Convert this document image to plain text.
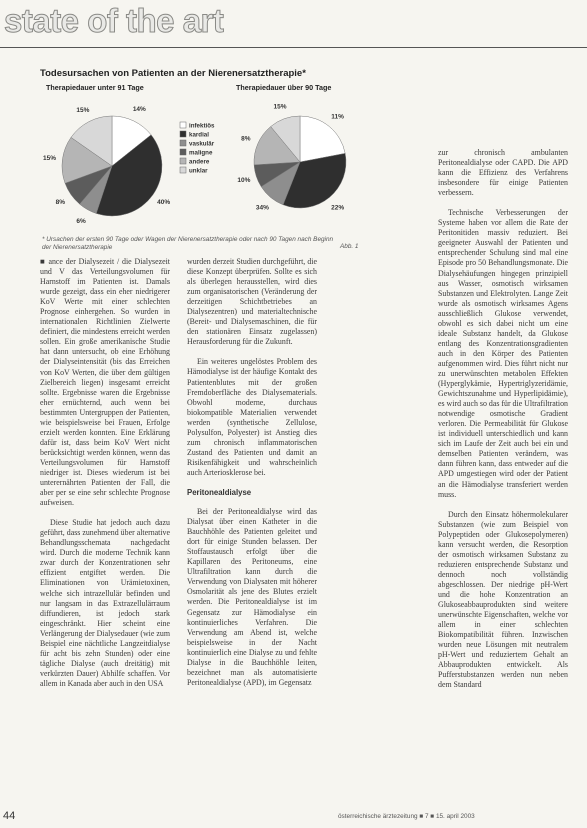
state of the art
Todesursachen von Patienten an der Nierenersatztherapie*
Therapiedauer unter 91 Tage
14%
40%
6%
8%
15%
15%
Therapiedauer über 90 Tage
11%
22%
34%
10%
8%
15%
infektiös
kardial
vaskulär
maligne
andere
unklar
* Ursachen der ersten 90 Tage oder Wagen der Nierenersatztherapie oder nach 90 Tagen nach Beginn der Nierenersatztherapie	Abb. 1

■ ance der Dialysezeit / die Dialysezeit und V das Verteilungsvolumen für Harnstoff im Patienten ist. Damals wurde gezeigt, dass ein eher niedrigerer KoV Werte mit einer schlechten Prognose einhergehen. So wurden in internationalen Richtlinien Zielwerte definiert, die mindestens erreicht werden sollen. Ein große amerikanische Studie hat dann untersucht, ob eine Erhöhung der Dialyseintensität (bis das Erreichen von KoV Werten, die über dem gültigen Zielbereich liegen) insgesamt erreicht sollte. Ergebnisse waren die Ergebnisse eher ernüchternd, auch wenn bei bestimmten Untergruppen der Patienten, wie beispielsweise bei Frauen, Erfolge erzielt werden konnten. Eine Erklärung dafür ist, dass beim KoV Wert nicht berücksichtigt werden können, wenn das Verteilungsvolumen für Harnstoff niedriger ist. Dieses wiederum ist bei unterernährten Patienten der Fall, die aber per se eine sehr schlechte Prognose aufweisen.

Diese Studie hat jedoch auch dazu geführt, dass zunehmend über alternative Behandlungsschemata nachgedacht wird. Durch die moderne Technik kann zwar durch der Konzentrationen sehr effizient entgiftet werden. Die Eliminationen von Urämietoxinen, welche sich intrazellulär befinden und nur langsam in das Extrazellulärraum diffundieren, ist jedoch stark eingeschränkt. Hier scheint eine Verlängerung der Dialysedauer (wie zum Beispiel eine nächtliche Langzeitdialyse für acht bis zehn Stunden) oder eine tägliche Dialyse (auch dreitätig) mit verkürzten Dauer) Abhilfe schaffen. Vor allem in Kanada aber auch in den USA

wurden derzeit Studien durchgeführt, die diese Konzept überprüfen. Sollte es sich als überlegen herausstellen, wird dies zum organisatorischen (Veränderung der derzeitigen Schichtbetriebes an Dialysezentren) und materialtechnische (Bereit- und Dialysemaschinen, die für den stationären Einsatz zugelassen) Herausforderung für die Zukunft.

Ein weiteres ungelöstes Problem des Hämodialyse ist der häufige Kontakt des Patientenblutes mit der großen Fremdoberfläche des Dialysematerials. Obwohl moderne, durchaus biokompatible Materialien verwendet werden (synthetische Zellulose, Polysulfon, Polyester) ist Anstieg dies zum chronisch inflammatorischen Zustand des Patienten und damit an Risikenfähigkeit und wahrscheinlich auch Arteriosklerose bei.

Peritonealdialyse

Bei der Peritonealdialyse wird das Dialysat über einen Katheter in die Bauchhöhle des Patienten geleitet und dort für einige Stunden belassen. Der Stoffaustausch erfolgt über die Kapillaren des Peritoneums, eine Ultrafiltration kann durch die Verwendung von Dialysaten mit höherer Osmolarität als jene des Blutes erzielt werden. Die Peritonealdialyse ist im Gegensatz zur Hämodialyse ein kontinuierliches Verfahren. Die Verwendung am Abend ist, welche beispielsweise in der Nacht kontinuierlich eine Dialyse zu und fehlte Dialyse in die Bauchhöhle leiten, bezeichnet man als automatisierte Peritonealdialyse (APD), im Gegensatz

zur chronisch ambulanten Peritonealdialyse oder CAPD. Die APD kann die Effizienz des Verfahrens insbesondere für einige Patienten verbessern.

Technische Verbesserungen der Systeme haben vor allem die Rate der Peritonitiden massiv reduziert. Bei geeigneter Auswahl der Patienten und entsprechender Schulung sind mal eine Episode pro 50 Behandlungsmonate. Die Dialysehäufungen hingegen prinzipiell aus Wasser, osmotisch wirksamen Substanzen und Elektrolyten. Lange Zeit wurde als osmotisch wirksames Agens ausschließlich Glukose verwendet, obwohl es sich dabei nicht um eine ideale Substanz handelt, da Glukose entlang des Konzentrationsgradienten auch in den Körper des Patienten aufgenommen wird. Dies führt nicht nur zu unerwünschten metabolen Effekten (Hyperglykämie, Hypertriglyzeridämie, Gewichtszunahme und Hyperlipidämie), es wird auch so das für die Ultrafiltration notwendige osmotische Gradient verloren. Die Permeabilität für Glukose ist individuell unterschiedlich und kann sich im Laufe der Zeit auch bei ein und demselben Patienten verändern, was dann führen kann, dass entweder auf die APD umgestiegen wird oder der Patient an die Hämodialyse transferiert werden muss.

Durch den Einsatz höhermolekularer Substanzen (wie zum Beispiel von Polypeptiden oder Glukosepolymeren) kann versucht werden, die Resorption der osmotisch wirksamen Substanz zu reduzieren entsprechende Substanz und dennoch noch vollständig abgeschlossen. Der niedrige pH-Wert und die hohe Konzentration an Glukoseabbauprodukten sind weitere unerwünschte Eigenschaften, welche vor allem in einer schlechten Biokompatibilität führen. Inzwischen wurden neue Lösungen mit neutralem pH-Wert und reduziertem Gehalt an Abbauprodukten entwickelt. Als Pufferstubstanzen werden nun neben dem Standard

44	österreichische ärztezeitung ■ 7 ■ 15. april 2003
